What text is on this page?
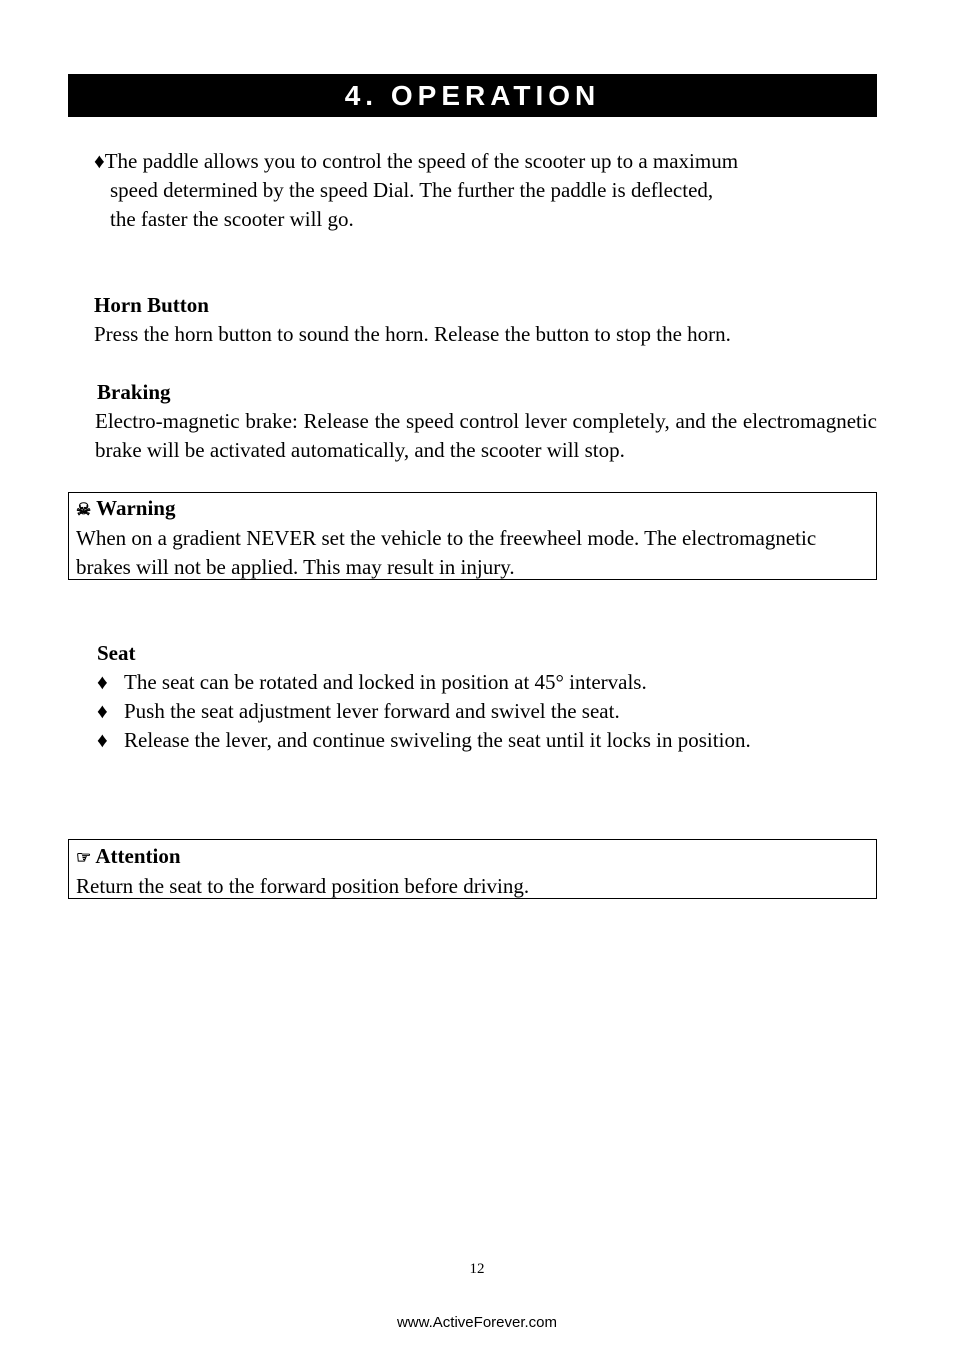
4. OPERATION
♦The paddle allows you to control the speed of the scooter up to a maximum
speed determined by the speed Dial. The further the paddle is deflected,
the faster the scooter will go.
Horn Button
Press the horn button to sound the horn. Release the button to stop the horn.
Braking
Electro-magnetic brake: Release the speed control lever completely, and the electromagnetic brake will be activated automatically, and the scooter will stop.
☠ Warning
When on a gradient NEVER set the vehicle to the freewheel mode. The electromagnetic brakes will not be applied. This may result in injury.
Seat
♦ The seat can be rotated and locked in position at 45° intervals.
♦ Push the seat adjustment lever forward and swivel the seat.
♦ Release the lever, and continue swiveling the seat until it locks in position.
☞ Attention
Return the seat to the forward position before driving.
12
www.ActiveForever.com
